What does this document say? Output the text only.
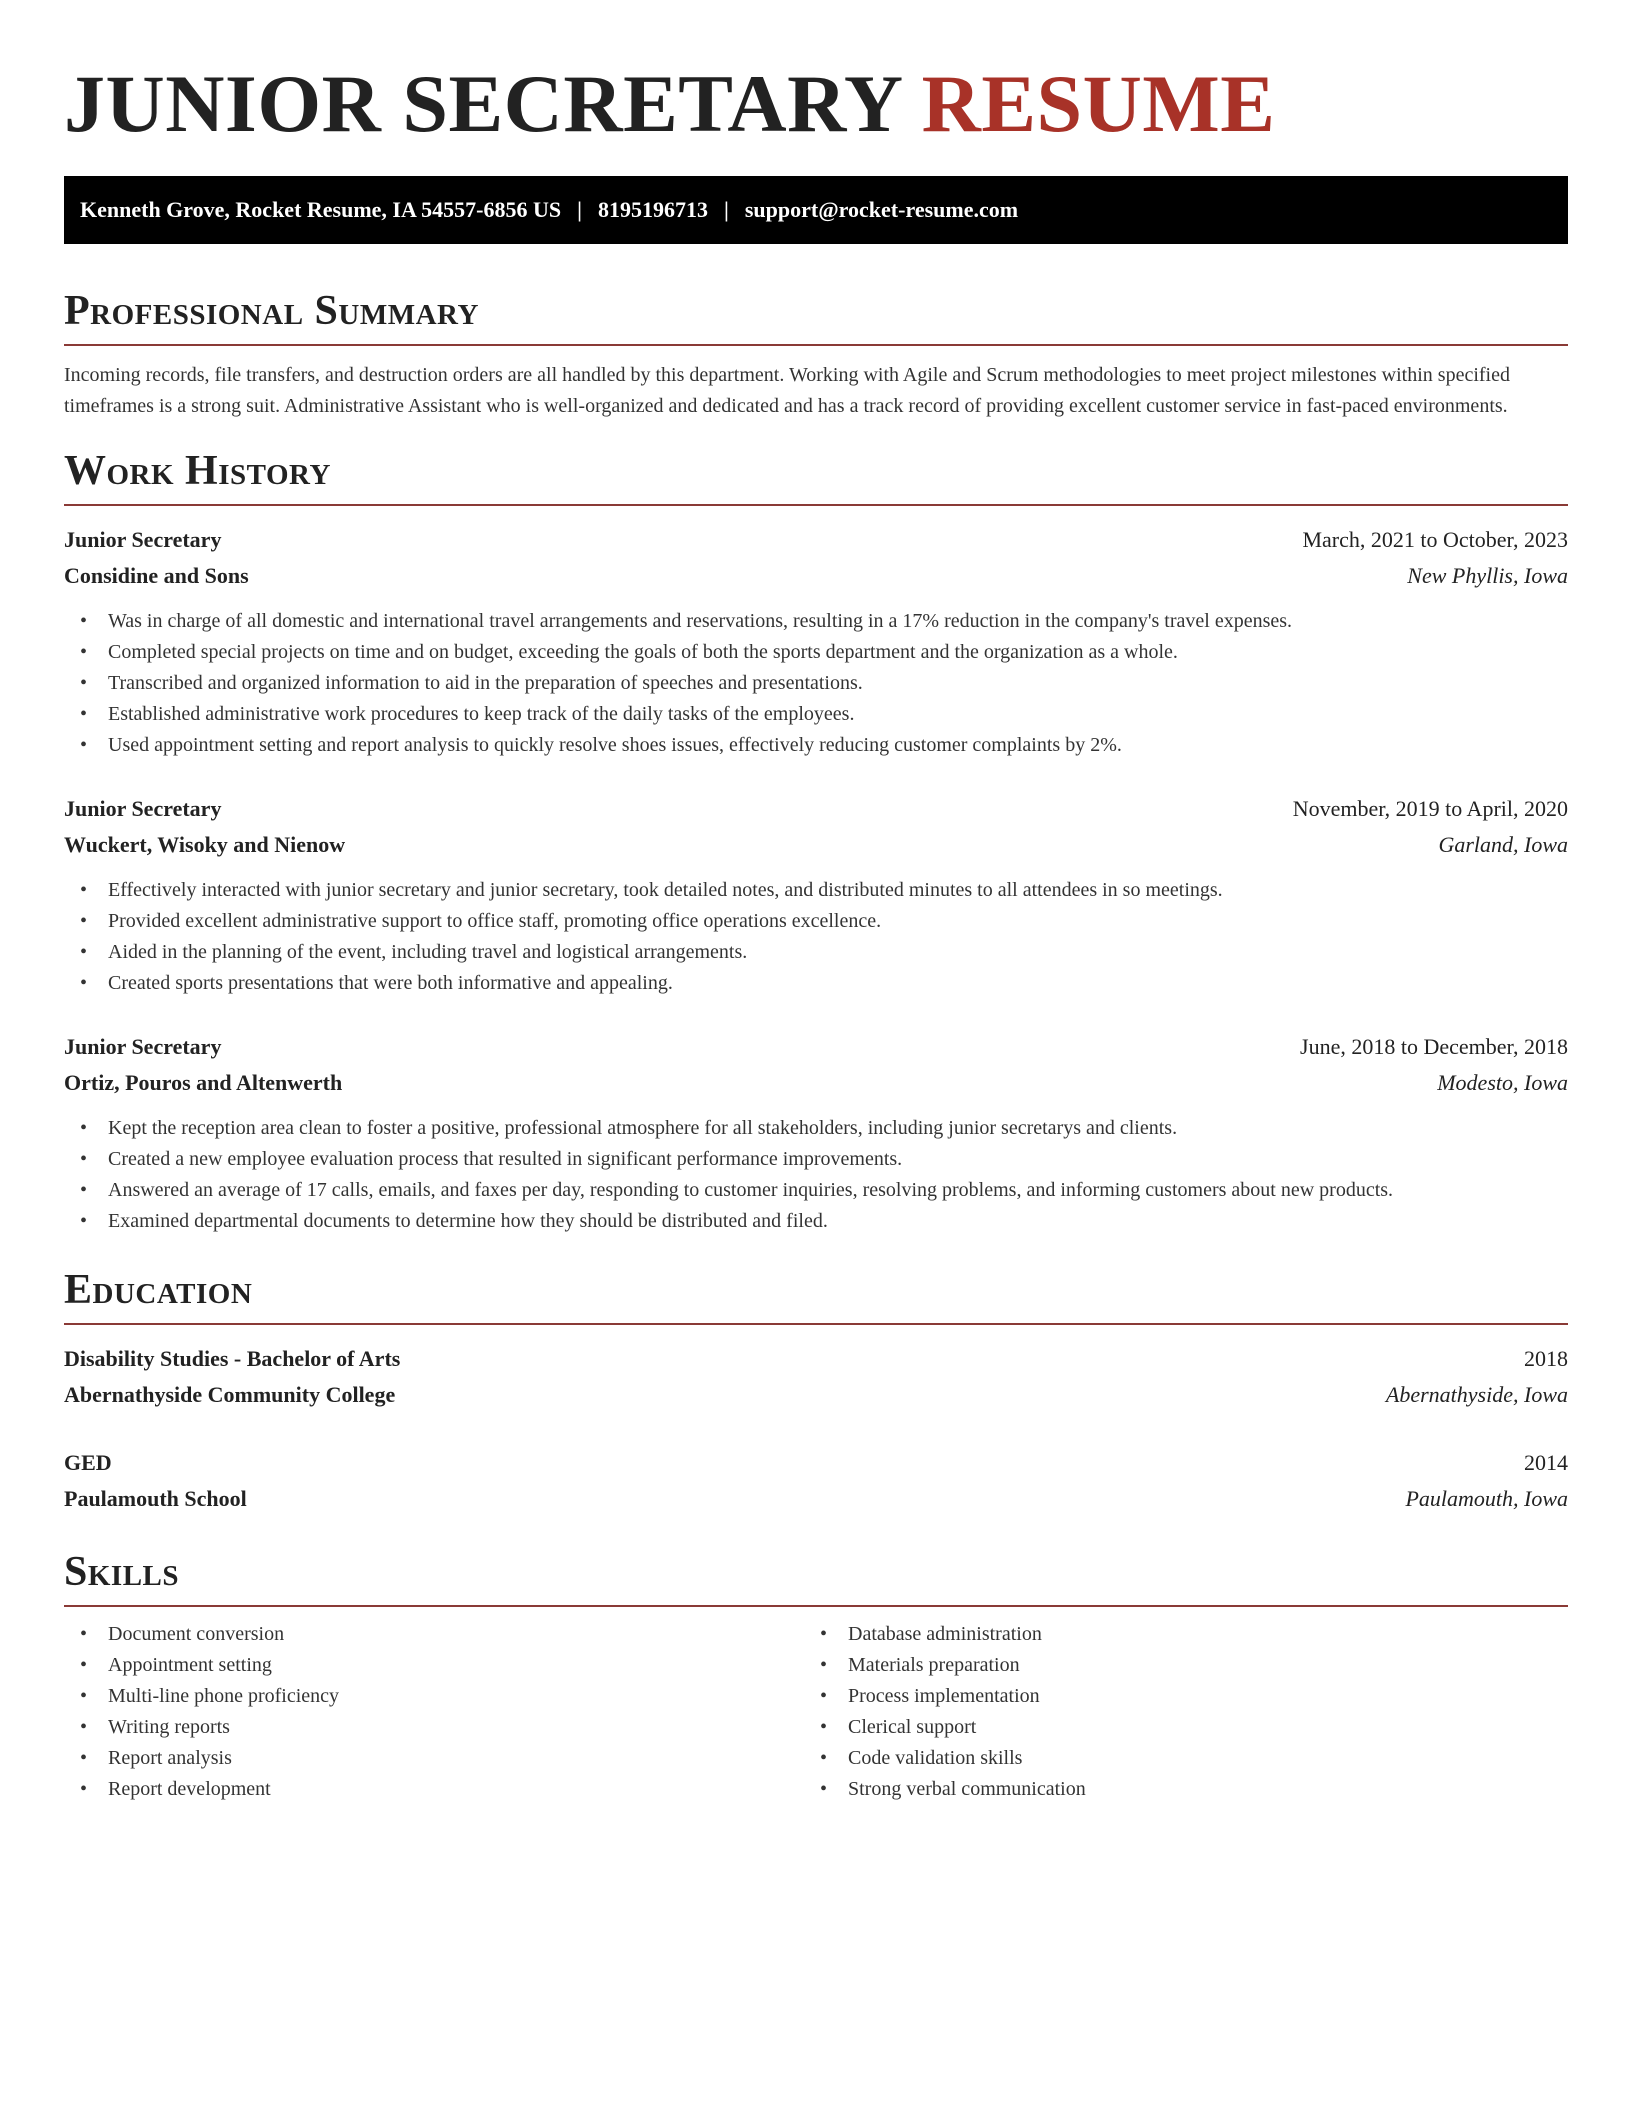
JUNIOR SECRETARY RESUME
Kenneth Grove, Rocket Resume, IA 54557-6856 US | 8195196713 | support@rocket-resume.com
Professional Summary

Incoming records, file transfers, and destruction orders are all handled by this department. Working with Agile and Scrum methodologies to meet project milestones within specified timeframes is a strong suit. Administrative Assistant who is well-organized and dedicated and has a track record of providing excellent customer service in fast-paced environments.

Work History
Junior Secretary	March, 2021 to October, 2023
Considine and Sons	New Phyllis, Iowa
• Was in charge of all domestic and international travel arrangements and reservations, resulting in a 17% reduction in the company's travel expenses.
• Completed special projects on time and on budget, exceeding the goals of both the sports department and the organization as a whole.
• Transcribed and organized information to aid in the preparation of speeches and presentations.
• Established administrative work procedures to keep track of the daily tasks of the employees.
• Used appointment setting and report analysis to quickly resolve shoes issues, effectively reducing customer complaints by 2%.
Junior Secretary	November, 2019 to April, 2020
Wuckert, Wisoky and Nienow	Garland, Iowa
• Effectively interacted with junior secretary and junior secretary, took detailed notes, and distributed minutes to all attendees in so meetings.
• Provided excellent administrative support to office staff, promoting office operations excellence.
• Aided in the planning of the event, including travel and logistical arrangements.
• Created sports presentations that were both informative and appealing.
Junior Secretary	June, 2018 to December, 2018
Ortiz, Pouros and Altenwerth	Modesto, Iowa
• Kept the reception area clean to foster a positive, professional atmosphere for all stakeholders, including junior secretarys and clients.
• Created a new employee evaluation process that resulted in significant performance improvements.
• Answered an average of 17 calls, emails, and faxes per day, responding to customer inquiries, resolving problems, and informing customers about new products.
• Examined departmental documents to determine how they should be distributed and filed.
Education
Disability Studies - Bachelor of Arts	2018
Abernathyside Community College	Abernathyside, Iowa
GED	2014
Paulamouth School	Paulamouth, Iowa
Skills
• Document conversion
• Appointment setting
• Multi-line phone proficiency
• Writing reports
• Report analysis
• Report development
• Database administration
• Materials preparation
• Process implementation
• Clerical support
• Code validation skills
• Strong verbal communication
